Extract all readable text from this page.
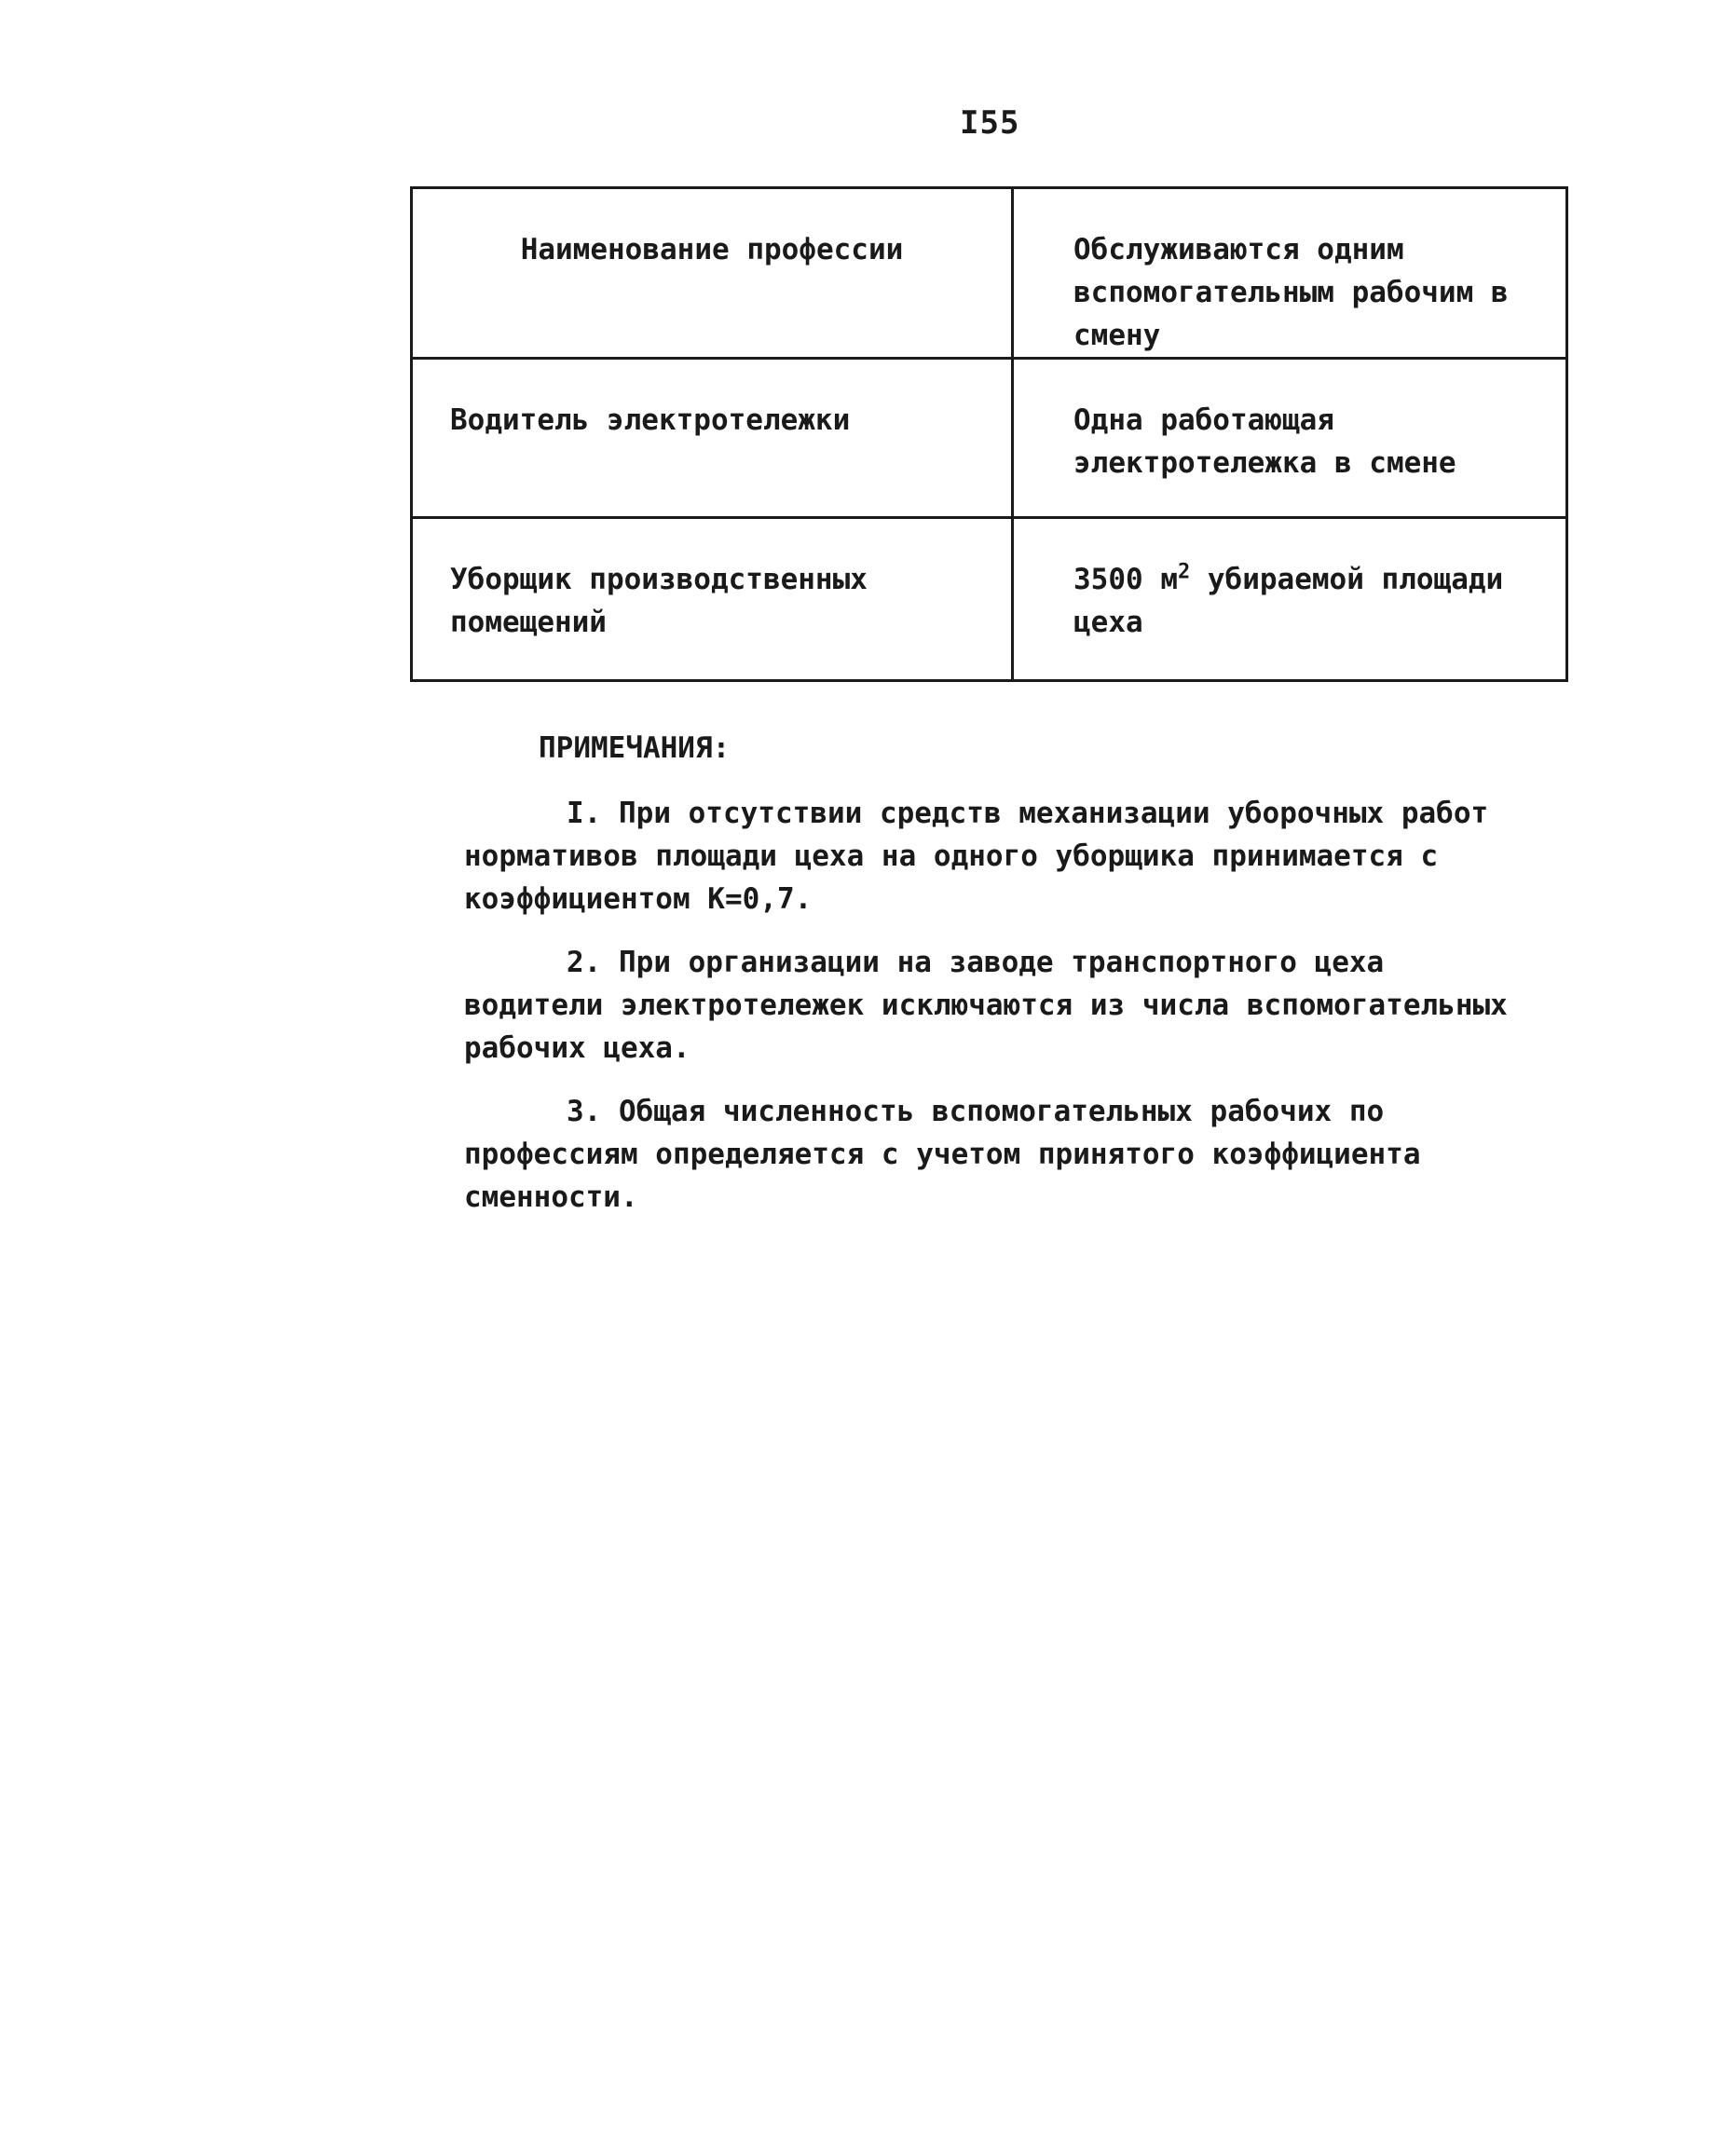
I55
Наименование профессии	Обслуживаются одним вспомогательным рабочим в смену

Водитель электротележки	Одна работающая электротележка в смене

Уборщик производственных помещений	3500 $м^2$ убираемой площади цеха
ПРИМЕЧАНИЯ:

I. При отсутствии средств механизации уборочных работ нормативов площади цеха на одного уборщика принимается с коэффициентом К=0,7.

2. При организации на заводе транспортного цеха водители электротележек исключаются из числа вспомогательных рабочих цеха.

3. Общая численность вспомогательных рабочих по профессиям определяется с учетом принятого коэффициента сменности.
